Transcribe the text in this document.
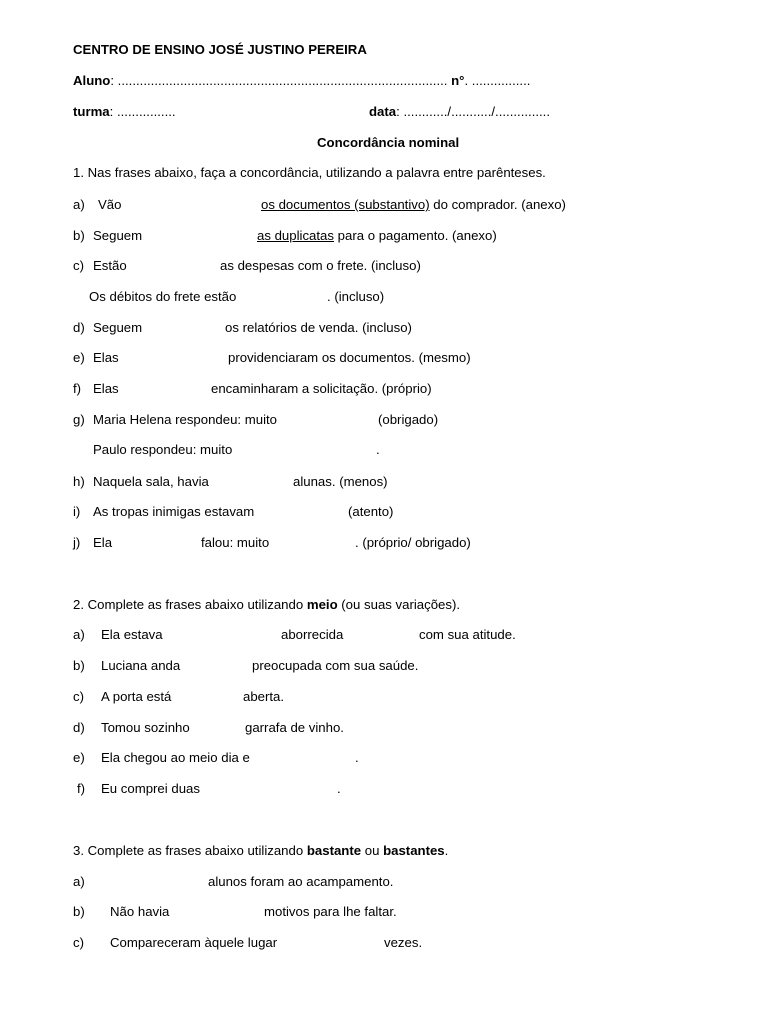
CENTRO DE ENSINO JOSÉ JUSTINO PEREIRA
Aluno: .......................................................................................... n°. ................
turma: ................	data: ............/.........../...............
Concordância nominal
1. Nas frases abaixo, faça a concordância, utilizando a palavra entre parênteses.
a) Vão	os documentos (substantivo) do comprador. (anexo)
b) Seguem	as duplicatas para o pagamento. (anexo)
c) Estão	as despesas com o frete. (incluso)
Os débitos do frete estão	. (incluso)
d) Seguem	os relatórios de venda. (incluso)
e) Elas	providenciaram os documentos. (mesmo)
f) Elas	encaminharam a solicitação. (próprio)
g) Maria Helena respondeu: muito	(obrigado)
Paulo respondeu: muito	.
h) Naquela sala, havia	alunas. (menos)
i) As tropas inimigas estavam	(atento)
j) Ela	falou: muito	. (próprio/ obrigado)
2. Complete as frases abaixo utilizando meio (ou suas variações).
a) Ela estava	aborrecida	com sua atitude.
b) Luciana anda	preocupada com sua saúde.
c) A porta está	aberta.
d) Tomou sozinho	garrafa de vinho.
e) Ela chegou ao meio dia e	.
f) Eu comprei duas	.
3. Complete as frases abaixo utilizando bastante ou bastantes.
a)	alunos foram ao acampamento.
b) Não havia	motivos para lhe faltar.
c) Compareceram àquele lugar	vezes.
